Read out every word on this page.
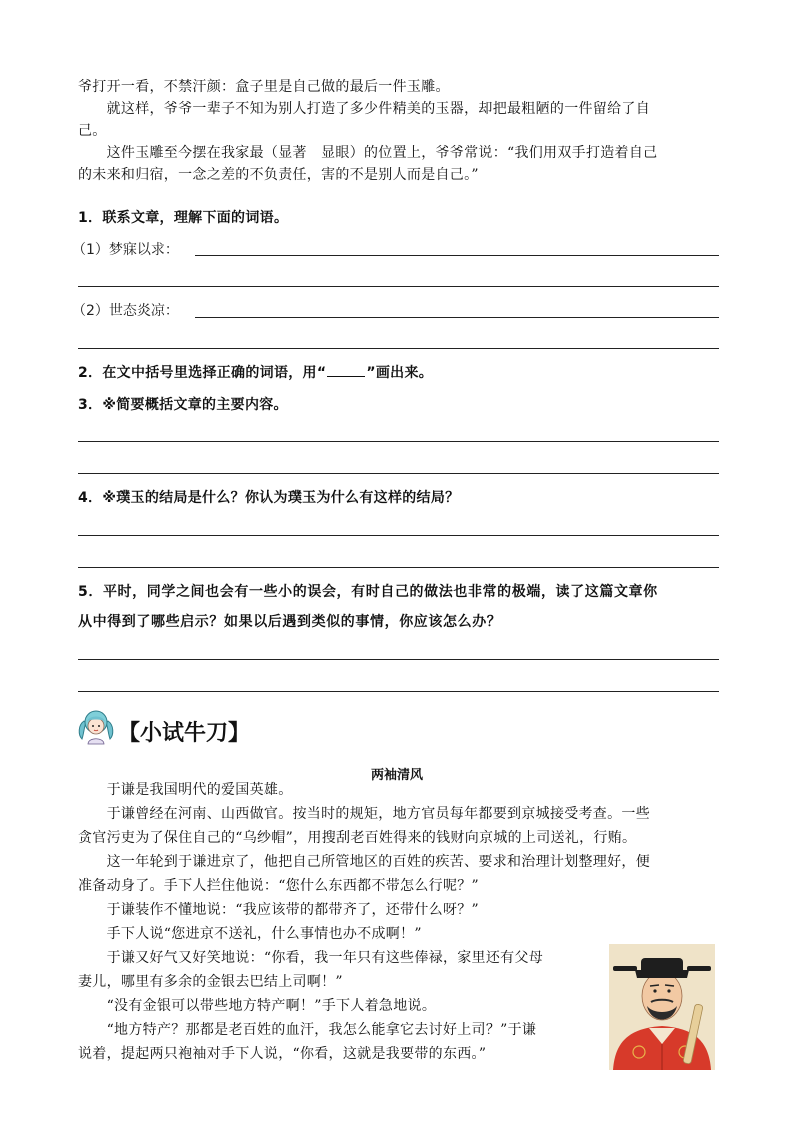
爷打开一看，不禁汗颜：盒子里是自己做的最后一件玉雕。
　　就这样，爷爷一辈子不知为别人打造了多少件精美的玉器，却把最粗陋的一件留给了自
己。
　　这件玉雕至今摆在我家最（显著　显眼）的位置上，爷爷常说：“我们用双手打造着自己
的未来和归宿，一念之差的不负责任，害的不是别人而是自己。”
1．联系文章，理解下面的词语。
（1）梦寐以求：
（2）世态炎凉：
2．在文中括号里选择正确的词语，用“	”画出来。
3．※简要概括文章的主要内容。
4．※璞玉的结局是什么？你认为璞玉为什么有这样的结局？
5．平时，同学之间也会有一些小的误会，有时自己的做法也非常的极端，读了这篇文章你
从中得到了哪些启示？如果以后遇到类似的事情，你应该怎么办？
【小试牛刀】
两袖清风
　　于谦是我国明代的爱国英雄。
　　于谦曾经在河南、山西做官。按当时的规矩，地方官员每年都要到京城接受考查。一些
贪官污吏为了保住自己的“乌纱帽”，用搜刮老百姓得来的钱财向京城的上司送礼，行贿。
　　这一年轮到于谦进京了，他把自己所管地区的百姓的疾苦、要求和治理计划整理好，便
准备动身了。手下人拦住他说：“您什么东西都不带怎么行呢？”
　　于谦装作不懂地说：“我应该带的都带齐了，还带什么呀？”
　　手下人说“您进京不送礼，什么事情也办不成啊！”
　　于谦又好气又好笑地说：“你看，我一年只有这些俸禄，家里还有父母
妻儿，哪里有多余的金银去巴结上司啊！”
　　“没有金银可以带些地方特产啊！”手下人着急地说。
　　“地方特产？那都是老百姓的血汗，我怎么能拿它去讨好上司？”于谦
说着，提起两只袍袖对手下人说，“你看，这就是我要带的东西。”
